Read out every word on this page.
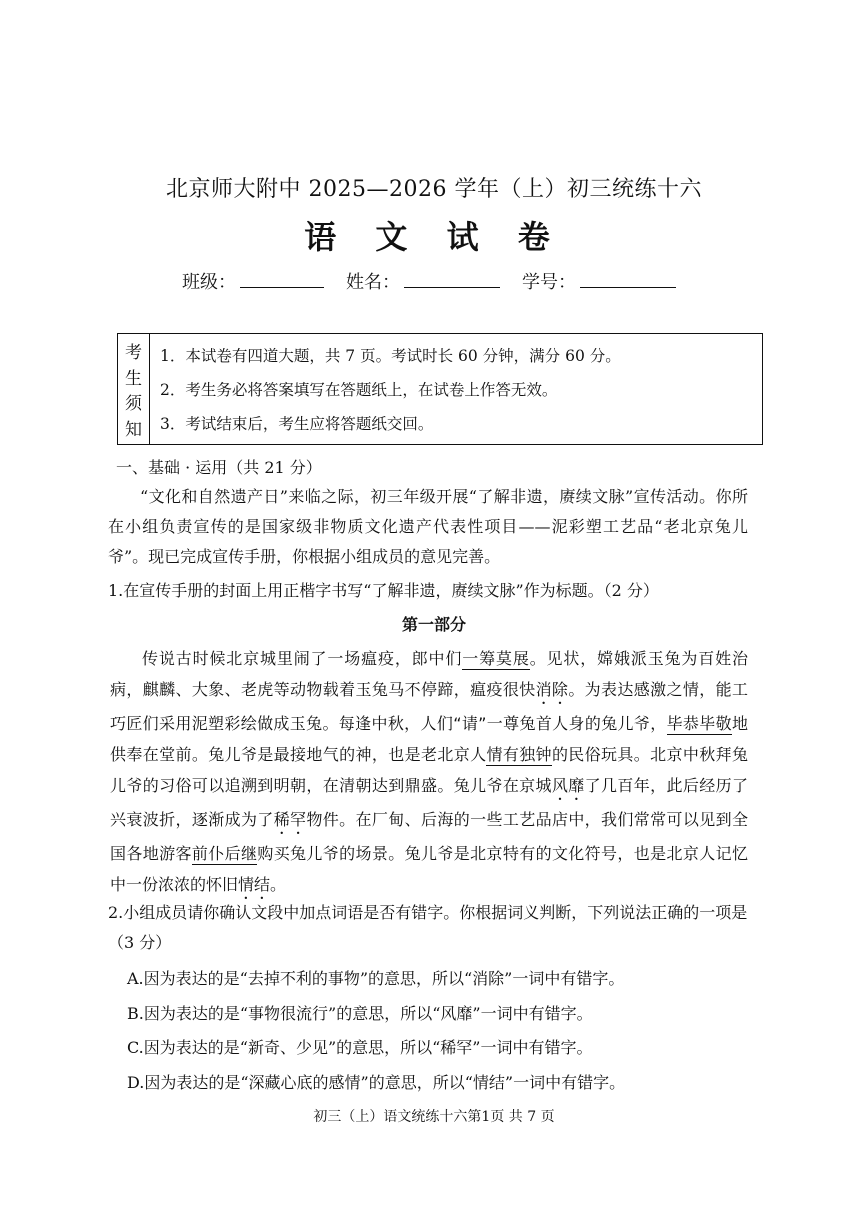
北京师大附中 2025—2026 学年（上）初三统练十六
语 文 试 卷
班级：	姓名：	学号：
考
生
须
知
1．本试卷有四道大题，共 7 页。考试时长 60 分钟，满分 60 分。
2．考生务必将答案填写在答题纸上，在试卷上作答无效。
3．考试结束后，考生应将答题纸交回。
一、基础 · 运用（共 21 分）
“文化和自然遗产日”来临之际，初三年级开展“了解非遗，赓续文脉”宣传活动。你所在小组负责宣传的是国家级非物质文化遗产代表性项目——泥彩塑工艺品“老北京兔儿爷”。现已完成宣传手册，你根据小组成员的意见完善。
1.在宣传手册的封面上用正楷字书写“了解非遗，赓续文脉”作为标题。（2 分）
第一部分
传说古时候北京城里闹了一场瘟疫，郎中们一筹莫展。见状，嫦娥派玉兔为百姓治病，麒麟、大象、老虎等动物载着玉兔马不停蹄，瘟疫很快消除。为表达感激之情，能工巧匠们采用泥塑彩绘做成玉兔。每逢中秋，人们“请”一尊兔首人身的兔儿爷，毕恭毕敬地供奉在堂前。兔儿爷是最接地气的神，也是老北京人情有独钟的民俗玩具。北京中秋拜兔儿爷的习俗可以追溯到明朝，在清朝达到鼎盛。兔儿爷在京城风靡了几百年，此后经历了兴衰波折，逐渐成为了稀罕物件。在厂甸、后海的一些工艺品店中，我们常常可以见到全国各地游客前仆后继购买兔儿爷的场景。兔儿爷是北京特有的文化符号，也是北京人记忆中一份浓浓的怀旧情结。
2.小组成员请你确认文段中加点词语是否有错字。你根据词义判断，下列说法正确的一项是（3 分）
A.因为表达的是“去掉不利的事物”的意思，所以“消除”一词中有错字。
B.因为表达的是“事物很流行”的意思，所以“风靡”一词中有错字。
C.因为表达的是“新奇、少见”的意思，所以“稀罕”一词中有错字。
D.因为表达的是“深藏心底的感情”的意思，所以“情结”一词中有错字。
初三（上）语文统练十六第1页 共 7 页
